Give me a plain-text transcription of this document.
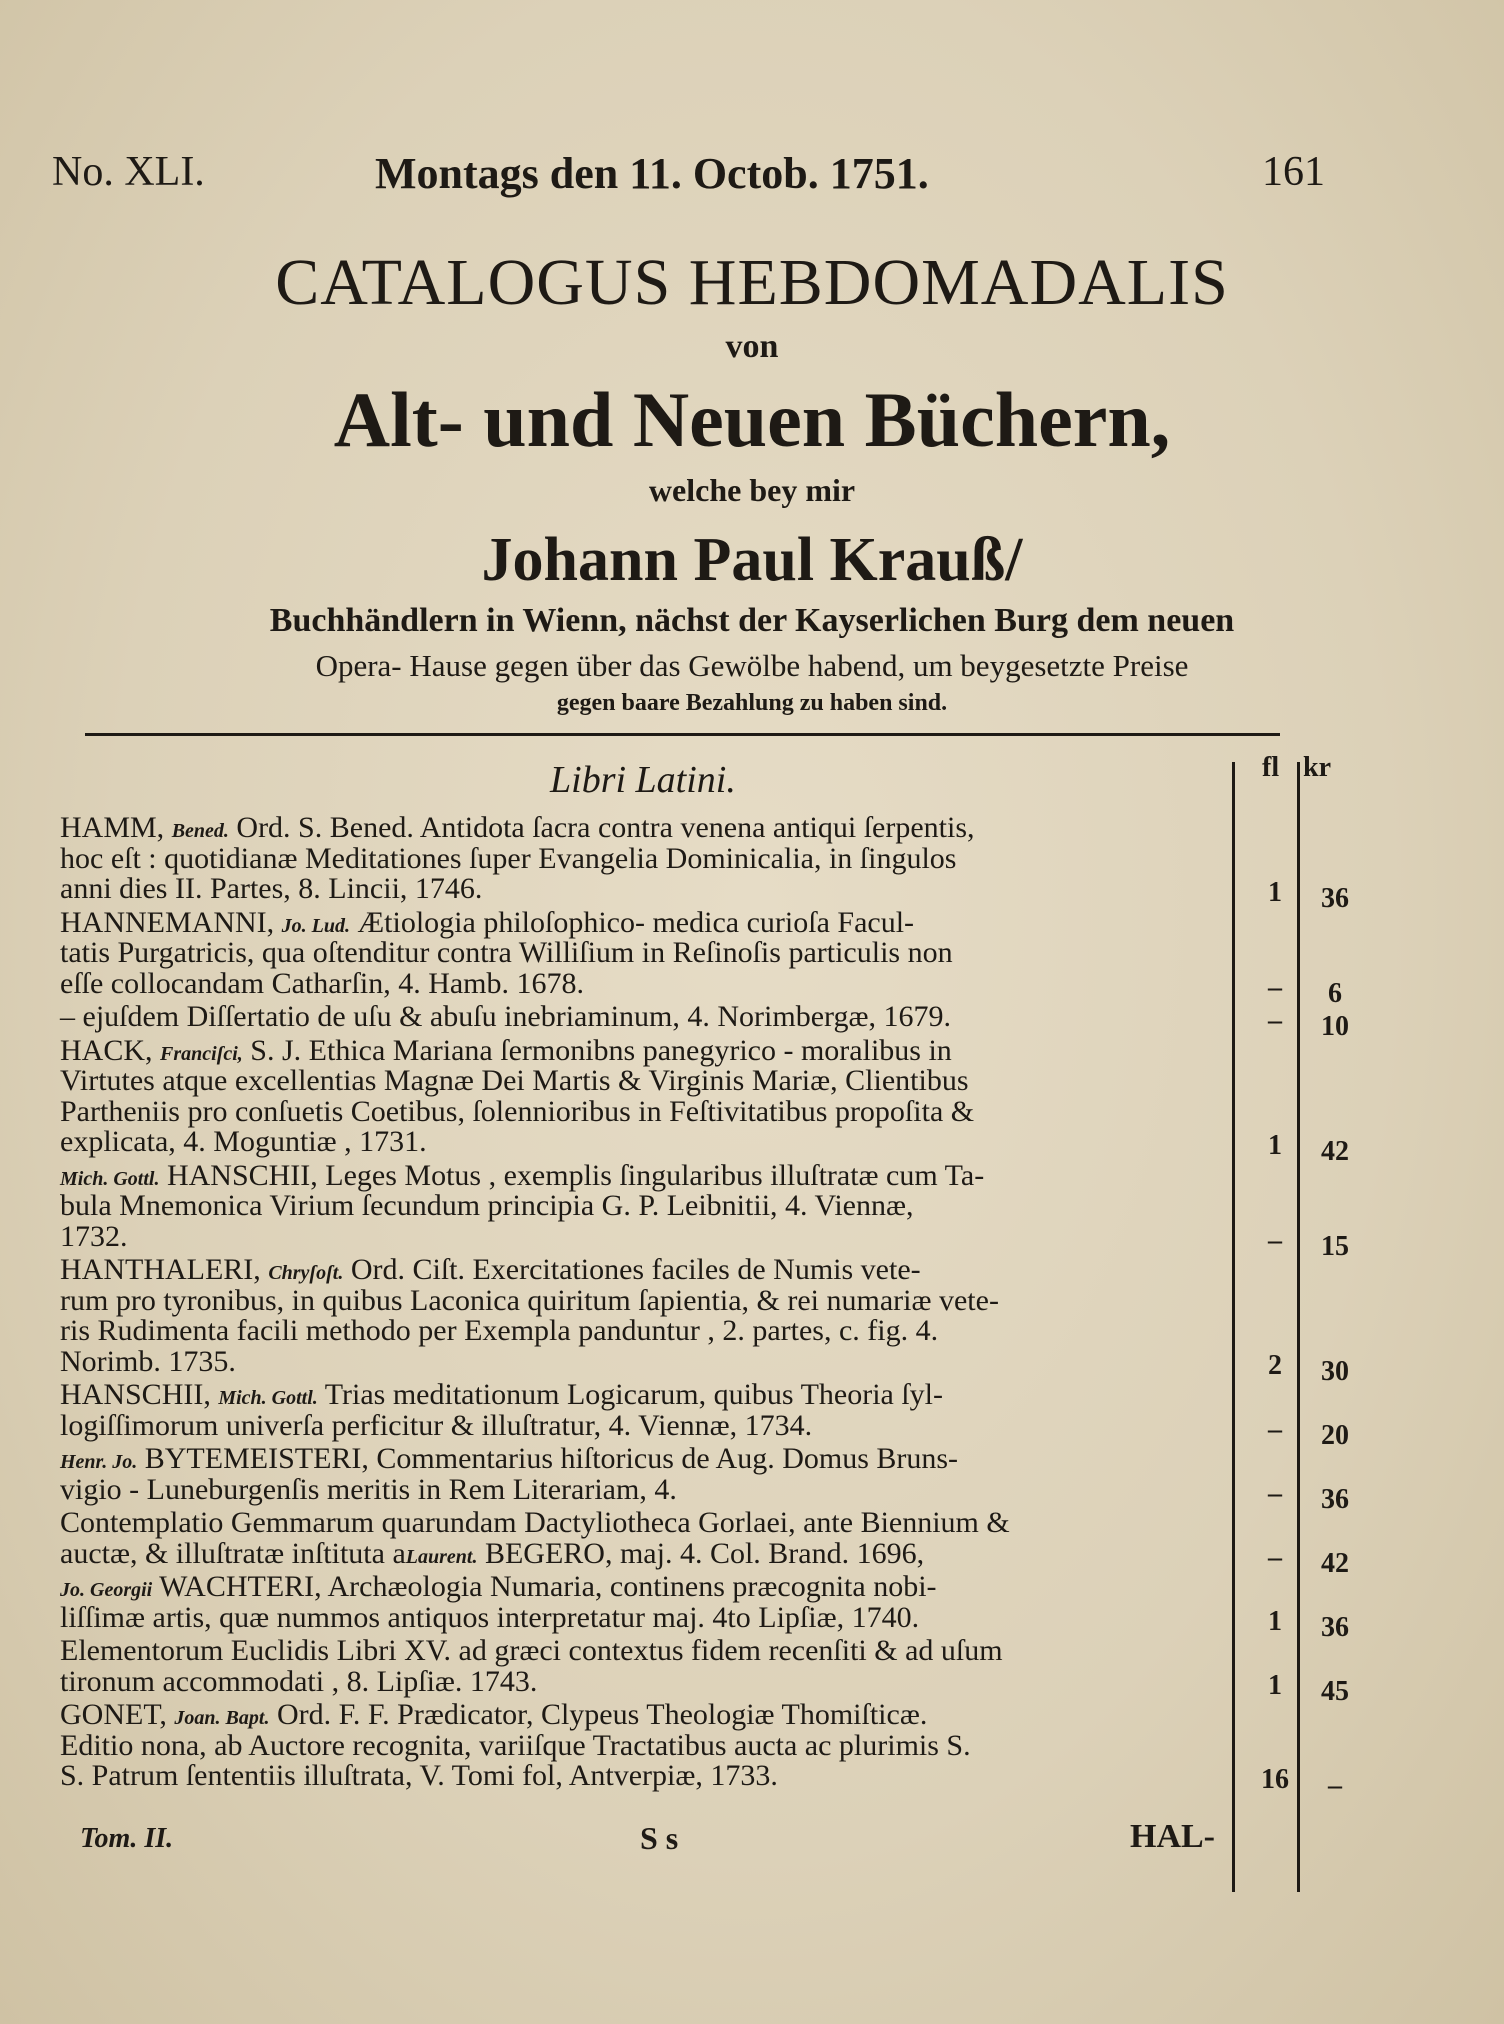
No. XLI.	Montags den 11. Octob. 1751.	161
CATALOGUS HEBDOMADALIS
von
Alt- und Neuen Büchern,
welche bey mir
Johann Paul Krauß/
Buchhändlern in Wienn, nächst der Kayserlichen Burg dem neuen
Opera- Hause gegen über das Gewölbe habend, um beygesetzte Preise
gegen baare Bezahlung zu haben sind.
Libri Latini.	fl kr
HAMM, Bened. Ord. S. Bened. Antidota ſacra contra venena antiqui ſerpentis,
hoc eſt : quotidianæ Meditationes ſuper Evangelia Dominicalia, in ſingulos
anni dies II. Partes, 8. Lincii, 1746.	1	36
HANNEMANNI, Jo. Lud. Ætiologia philoſophico- medica curioſa Facul-
tatis Purgatricis, qua oſtenditur contra Williſium in Reſinoſis particulis non
eſſe collocandam Catharſin, 4. Hamb. 1678.	–	6
– ejuſdem Diſſertatio de uſu & abuſu inebriaminum, 4. Norimbergæ, 1679.	–	10
HACK, Franciſci, S. J. Ethica Mariana ſermonibns panegyrico - moralibus in
Virtutes atque excellentias Magnæ Dei Martis & Virginis Mariæ, Clientibus
Partheniis pro conſuetis Coetibus, ſolennioribus in Feſtivitatibus propoſita &
explicata, 4. Moguntiæ , 1731.	1	42
Mich. Gottl. HANSCHII, Leges Motus , exemplis ſingularibus illuſtratæ cum Ta-
bula Mnemonica Virium ſecundum principia G. P. Leibnitii, 4. Viennæ,
1732.	–	15
HANTHALERI, Chryſoſt. Ord. Ciſt. Exercitationes faciles de Numis vete-
rum pro tyronibus, in quibus Laconica quiritum ſapientia, & rei numariæ vete-
ris Rudimenta facili methodo per Exempla panduntur , 2. partes, c. fig. 4.
Norimb. 1735.	2	30
HANSCHII, Mich. Gottl. Trias meditationum Logicarum, quibus Theoria ſyl-
logiſſimorum univerſa perficitur & illuſtratur, 4. Viennæ, 1734.	–	20
Henr. Jo. BYTEMEISTERI, Commentarius hiſtoricus de Aug. Domus Bruns-
vigio - Luneburgenſis meritis in Rem Literariam, 4.	–	36
Contemplatio Gemmarum quarundam Dactyliotheca Gorlaei, ante Biennium &
auctæ, & illuſtratæ inſtituta aLaurent. BEGERO, maj. 4. Col. Brand. 1696,	–	42
Jo. Georgii WACHTERI, Archæologia Numaria, continens præcognita nobi-
liſſimæ artis, quæ nummos antiquos interpretatur maj. 4to Lipſiæ, 1740.	1	36
Elementorum Euclidis Libri XV. ad græci contextus fidem recenſiti & ad uſum
tironum accommodati , 8. Lipſiæ. 1743.	1	45
GONET, Joan. Bapt. Ord. F. F. Prædicator, Clypeus Theologiæ Thomiſticæ.
Editio nona, ab Auctore recognita, variiſque Tractatibus aucta ac plurimis S.
S. Patrum ſententiis illuſtrata, V. Tomi fol, Antverpiæ, 1733.	16	–
Tom. II.	S s	HAL-
